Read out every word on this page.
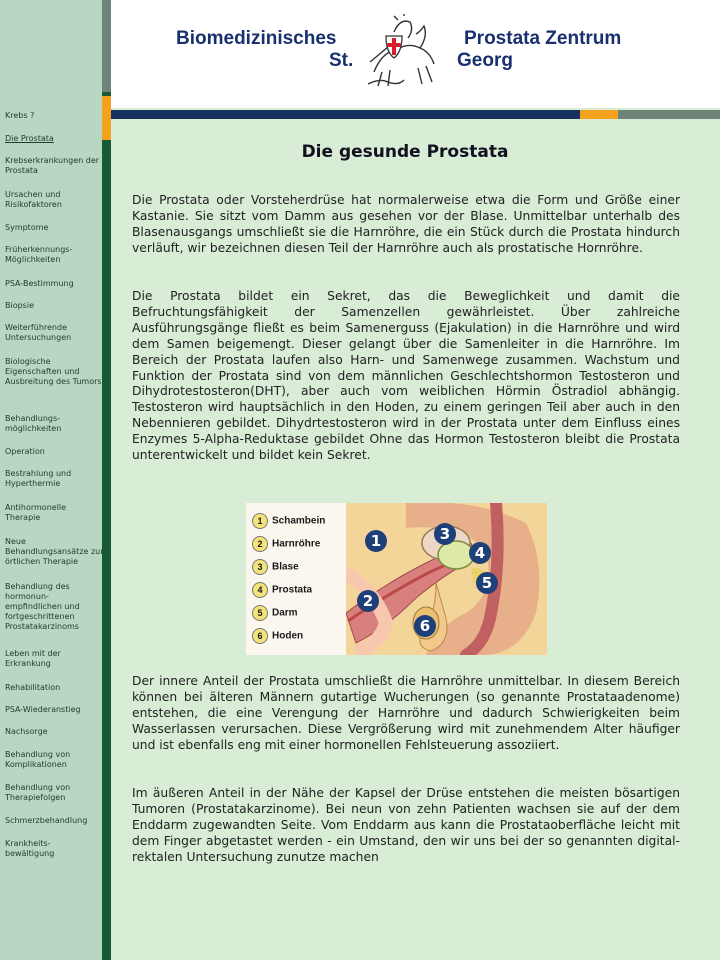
Biomedizinisches
St.
Prostata Zentrum
Georg
Krebs ?
Die Prostata
Krebserkrankungen der Prostata
Ursachen und Risikofaktoren
Symptome
Früherkennungs-Möglichkeiten
PSA-Bestimmung
Biopsie
Weiterführende Untersuchungen
Biologische Eigenschaften und Ausbreitung des Tumors
Behandlungs-möglichkeiten
Operation
Bestrahlung und Hyperthermie
Antihormonelle Therapie
Neue Behandlungsansätze zur örtlichen Therapie
Behandlung des hormonun-empfindlichen und fortgeschrittenen Prostatakarzinoms
Leben mit der Erkrankung
Rehabilitation
PSA-Wiederanstieg
Nachsorge
Behandlung von Komplikationen
Behandlung von Therapiefolgen
Schmerzbehandlung
Krankheits-bewältigung
Die gesunde Prostata
Die Prostata oder Vorsteherdrüse hat normalerweise etwa die Form und Größe einer Kastanie. Sie sitzt vom Damm aus gesehen vor der Blase. Unmittelbar unterhalb des Blasenausgangs umschließt sie die Harnröhre, die ein Stück durch die Prostata hindurch verläuft, wir bezeichnen diesen Teil der Harnröhre auch als prostatische Hornröhre.
Die Prostata bildet ein Sekret, das die Beweglichkeit und damit die Befruchtungsfähigkeit der Samenzellen gewährleistet. Über zahlreiche Ausführungsgänge fließt es beim Samenerguss (Ejakulation) in die Harnröhre und wird dem Samen beigemengt. Dieser gelangt über die Samenleiter in die Harnröhre. Im Bereich der Prostata laufen also Harn- und Samenwege zusammen. Wachstum und Funktion der Prostata sind von dem männlichen Geschlechtshormon Testosteron und Dihydrotestosteron(DHT), aber auch vom weiblichen Hörmin Östradiol abhängig. Testosteron wird hauptsächlich in den Hoden, zu einem geringen Teil aber auch in den Nebennieren gebildet. Dihydrtestosteron wird in der Prostata unter dem Einfluss eines Enzymes 5-Alpha-Reduktase gebildet Ohne das Hormon Testosteron bleibt die Prostata unterentwickelt und bildet kein Sekret.
1 Schambein
2 Harnröhre
3 Blase
4 Prostata
5 Darm
6 Hoden
1
2
3
4
5
6
Der innere Anteil der Prostata umschließt die Harnröhre unmittelbar. In diesem Bereich können bei älteren Männern gutartige Wucherungen (so genannte Prostataadenome) entstehen, die eine Verengung der Harnröhre und dadurch Schwierigkeiten beim Wasserlassen verursachen. Diese Vergrößerung wird mit zunehmendem Alter häufiger und ist ebenfalls eng mit einer hormonellen Fehlsteuerung assoziiert.
Im äußeren Anteil in der Nähe der Kapsel der Drüse entstehen die meisten bösartigen Tumoren (Prostatakarzinome). Bei neun von zehn Patienten wachsen sie auf der dem Enddarm zugewandten Seite. Vom Enddarm aus kann die Prostataoberfläche leicht mit dem Finger abgetastet werden - ein Umstand, den wir uns bei der so genannten digital-rektalen Untersuchung zunutze machen
